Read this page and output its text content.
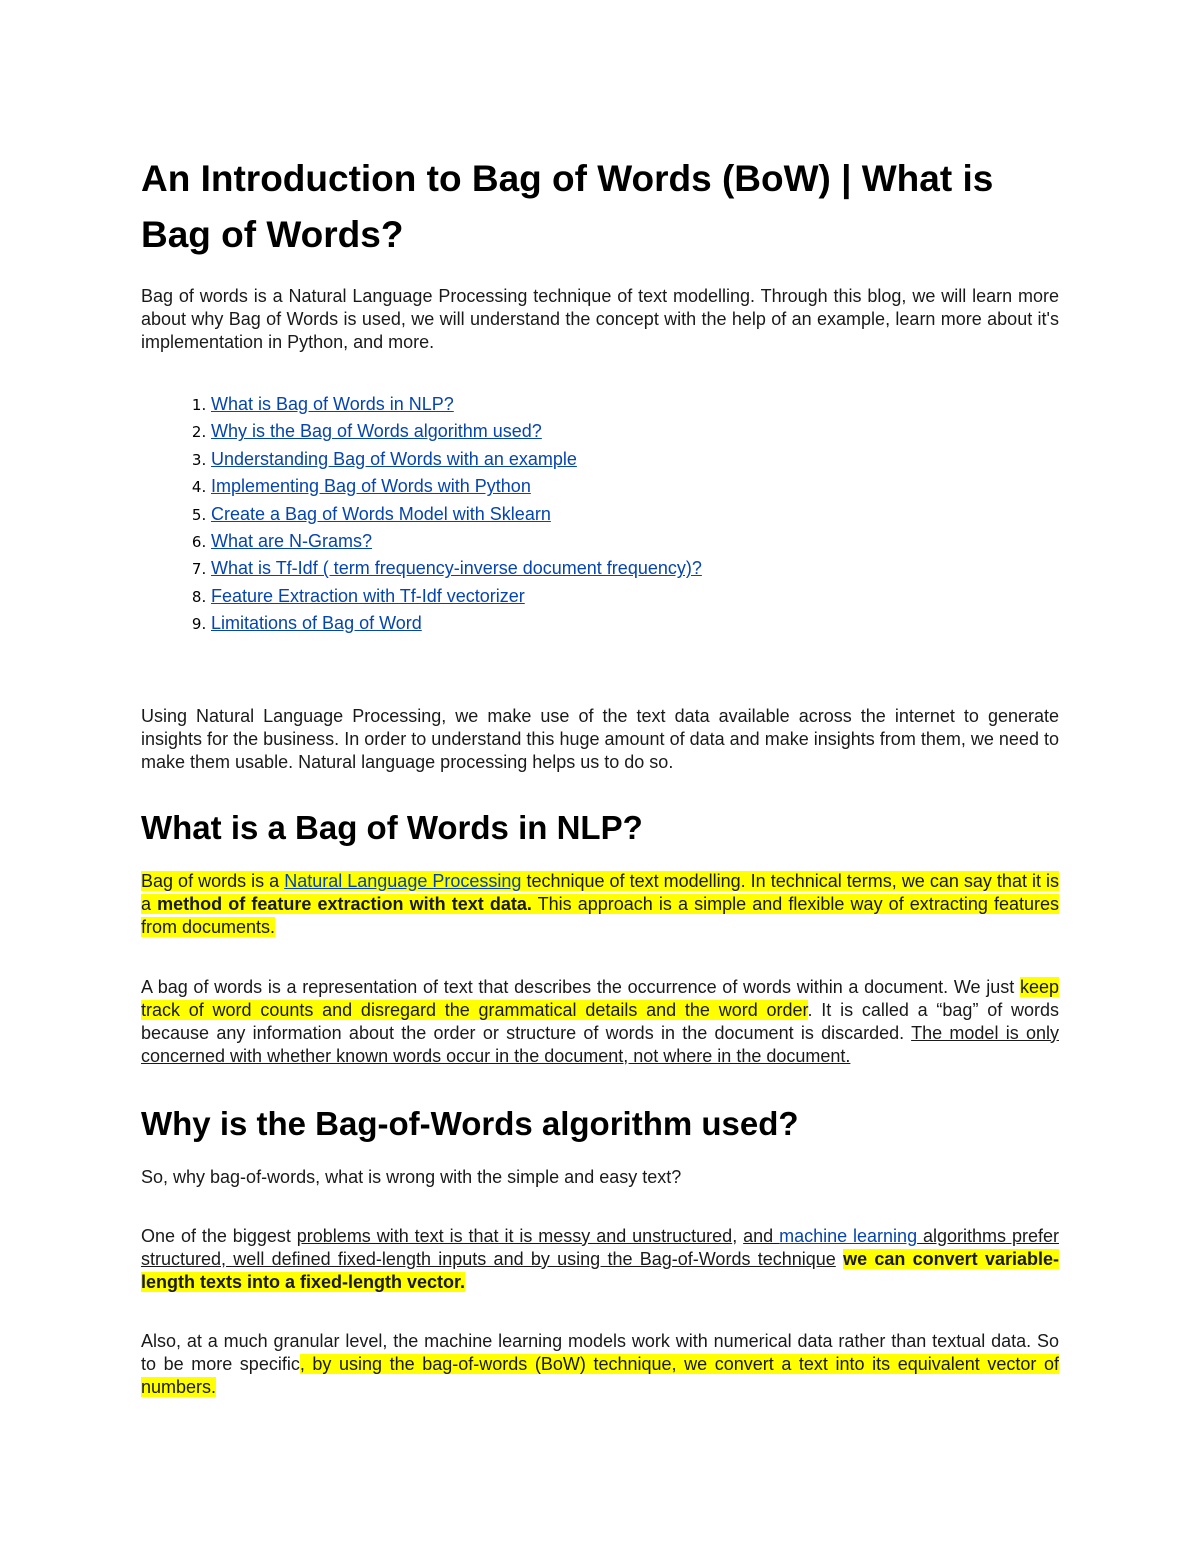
An Introduction to Bag of Words (BoW) | What is Bag of Words?

Bag of words is a Natural Language Processing technique of text modelling. Through this blog, we will learn more about why Bag of Words is used, we will understand the concept with the help of an example, learn more about it's implementation in Python, and more.

1. What is Bag of Words in NLP?
2. Why is the Bag of Words algorithm used?
3. Understanding Bag of Words with an example
4. Implementing Bag of Words with Python
5. Create a Bag of Words Model with Sklearn
6. What are N-Grams?
7. What is Tf-Idf ( term frequency-inverse document frequency)?
8. Feature Extraction with Tf-Idf vectorizer
9. Limitations of Bag of Word

Using Natural Language Processing, we make use of the text data available across the internet to generate insights for the business. In order to understand this huge amount of data and make insights from them, we need to make them usable. Natural language processing helps us to do so.

What is a Bag of Words in NLP?

Bag of words is a Natural Language Processing technique of text modelling. In technical terms, we can say that it is a method of feature extraction with text data. This approach is a simple and flexible way of extracting features from documents.

A bag of words is a representation of text that describes the occurrence of words within a document. We just keep track of word counts and disregard the grammatical details and the word order. It is called a “bag” of words because any information about the order or structure of words in the document is discarded. The model is only concerned with whether known words occur in the document, not where in the document.

Why is the Bag-of-Words algorithm used?

So, why bag-of-words, what is wrong with the simple and easy text?

One of the biggest problems with text is that it is messy and unstructured, and machine learning algorithms prefer structured, well defined fixed-length inputs and by using the Bag-of-Words technique we can convert variable-length texts into a fixed-length vector.

Also, at a much granular level, the machine learning models work with numerical data rather than textual data. So to be more specific, by using the bag-of-words (BoW) technique, we convert a text into its equivalent vector of numbers.
